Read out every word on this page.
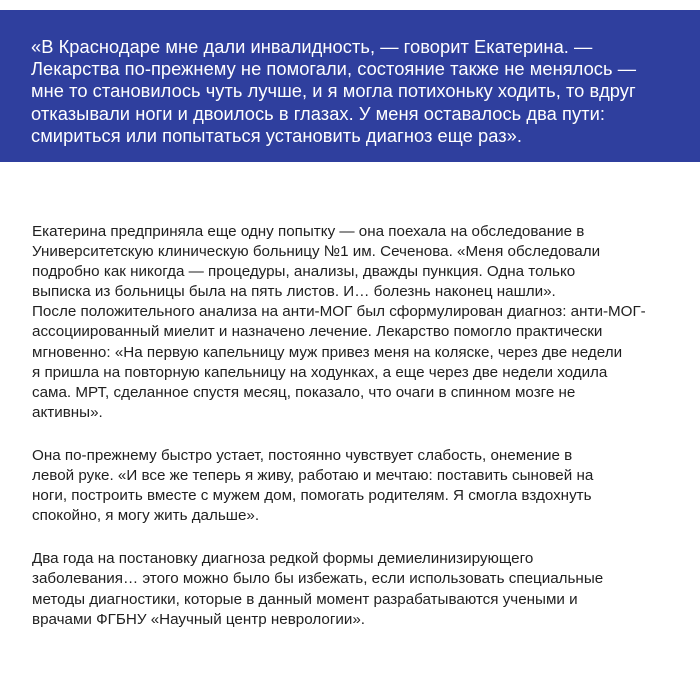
«В Краснодаре мне дали инвалидность, — говорит Екатерина. —
Лекарства по-прежнему не помогали, состояние также не менялось —
мне то становилось чуть лучше, и я могла потихоньку ходить, то вдруг
отказывали ноги и двоилось в глазах. У меня оставалось два пути:
смириться или попытаться установить диагноз еще раз».

Екатерина предприняла еще одну попытку — она поехала на обследование в
Университетскую клиническую больницу №1 им. Сеченова. «Меня обследовали
подробно как никогда — процедуры, анализы, дважды пункция. Одна только
выписка из больницы была на пять листов. И… болезнь наконец нашли».
После положительного анализа на анти-МОГ был сформулирован диагноз: анти-МОГ-
ассоциированный миелит и назначено лечение. Лекарство помогло практически
мгновенно: «На первую капельницу муж привез меня на коляске, через две недели
я пришла на повторную капельницу на ходунках, а еще через две недели ходила
сама. МРТ, сделанное спустя месяц, показало, что очаги в спинном мозге не
активны».

Она по-прежнему быстро устает, постоянно чувствует слабость, онемение в
левой руке. «И все же теперь я живу, работаю и мечтаю: поставить сыновей на
ноги, построить вместе с мужем дом, помогать родителям. Я смогла вздохнуть
спокойно, я могу жить дальше».

Два года на постановку диагноза редкой формы демиелинизирующего
заболевания… этого можно было бы избежать, если использовать специальные
методы диагностики, которые в данный момент разрабатываются учеными и
врачами ФГБНУ «Научный центр неврологии».
